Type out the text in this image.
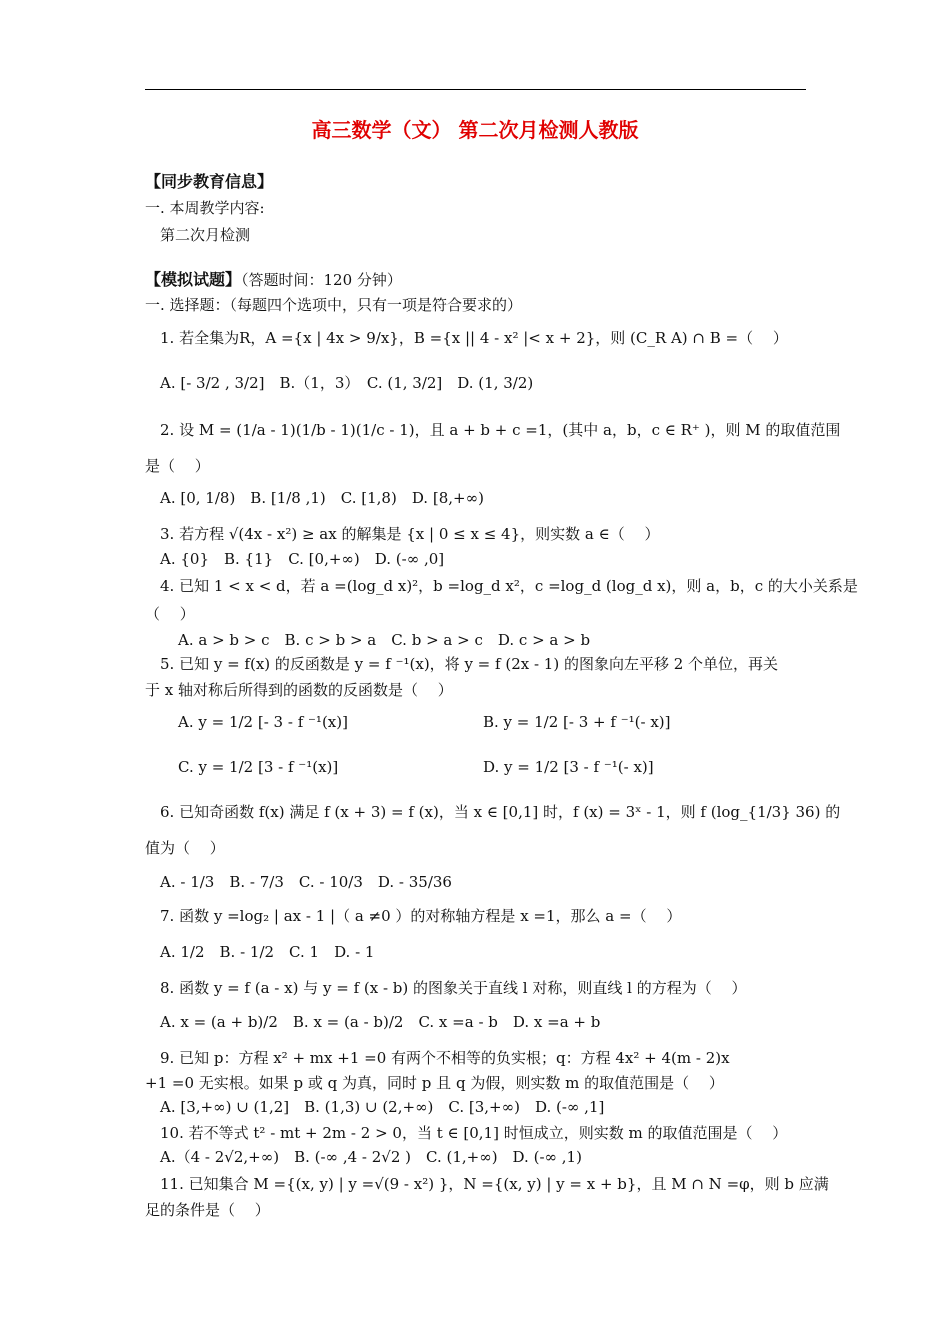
高三数学（文） 第二次月检测人教版
【同步教育信息】
一. 本周教学内容:
第二次月检测
【模拟试题】（答题时间：120 分钟）
一. 选择题：（每题四个选项中，只有一项是符合要求的）
1. 若全集为R，A ={x | 4x > 9/x}，B ={x || 4 - x² |< x + 2}，则 (C_R A) ∩ B =（　 ）
A. [- 3/2 , 3/2]　B.（1，3）　C. (1, 3/2]　D. (1, 3/2)
2. 设 M = (1/a - 1)(1/b - 1)(1/c - 1)，且 a + b + c =1，(其中 a，b，c ∈ R⁺ )，则 M 的取值范围
是（　 ）
A. [0, 1/8)　B. [1/8 ,1)　C. [1,8)　D. [8,+∞)
3. 若方程 √(4x - x²) ≥ ax 的解集是 {x | 0 ≤ x ≤ 4}，则实数 a ∈（　 ）
A. {0}　B. {1}　C. [0,+∞)　D. (-∞ ,0]
4. 已知 1 < x < d，若 a =(log_d x)²，b =log_d x²，c =log_d (log_d x)，则 a，b，c 的大小关系是
（　 ）
A. a > b > c　B. c > b > a　C. b > a > c　D. c > a > b
5. 已知 y = f(x) 的反函数是 y = f ⁻¹(x)，将 y = f (2x - 1) 的图象向左平移 2 个单位，再关
于 x 轴对称后所得到的函数的反函数是（　 ）
A. y = 1/2 [- 3 - f ⁻¹(x)]	B. y = 1/2 [- 3 + f ⁻¹(- x)]
C. y = 1/2 [3 - f ⁻¹(x)]	D. y = 1/2 [3 - f ⁻¹(- x)]
6. 已知奇函数 f(x) 满足 f (x + 3) = f (x)，当 x ∈ [0,1] 时，f (x) = 3ˣ - 1，则 f (log_{1/3} 36) 的
值为（　 ）
A. - 1/3　B. - 7/3　C. - 10/3　D. - 35/36
7. 函数 y =log₂ | ax - 1 |（ a ≠0 ）的对称轴方程是 x =1，那么 a =（　 ）
A. 1/2　B. - 1/2　C. 1　D. - 1
8. 函数 y = f (a - x) 与 y = f (x - b) 的图象关于直线 l 对称，则直线 l 的方程为（　 ）
A. x = (a + b)/2　B. x = (a - b)/2　C. x =a - b　D. x =a + b
9. 已知 p：方程 x² + mx +1 =0 有两个不相等的负实根；q：方程 4x² + 4(m - 2)x
+1 =0 无实根。如果 p 或 q 为真，同时 p 且 q 为假，则实数 m 的取值范围是（　 ）
A. [3,+∞) ∪ (1,2]　B. (1,3) ∪ (2,+∞)　C. [3,+∞)　D. (-∞ ,1]
10. 若不等式 t² - mt + 2m - 2 > 0，当 t ∈ [0,1] 时恒成立，则实数 m 的取值范围是（　 ）
A.（4 - 2√2,+∞)　B. (-∞ ,4 - 2√2 )　C. (1,+∞)　D. (-∞ ,1)
11. 已知集合 M ={(x, y) | y =√(9 - x²) }，N ={(x, y) | y = x + b}，且 M ∩ N =φ，则 b 应满
足的条件是（　 ）
